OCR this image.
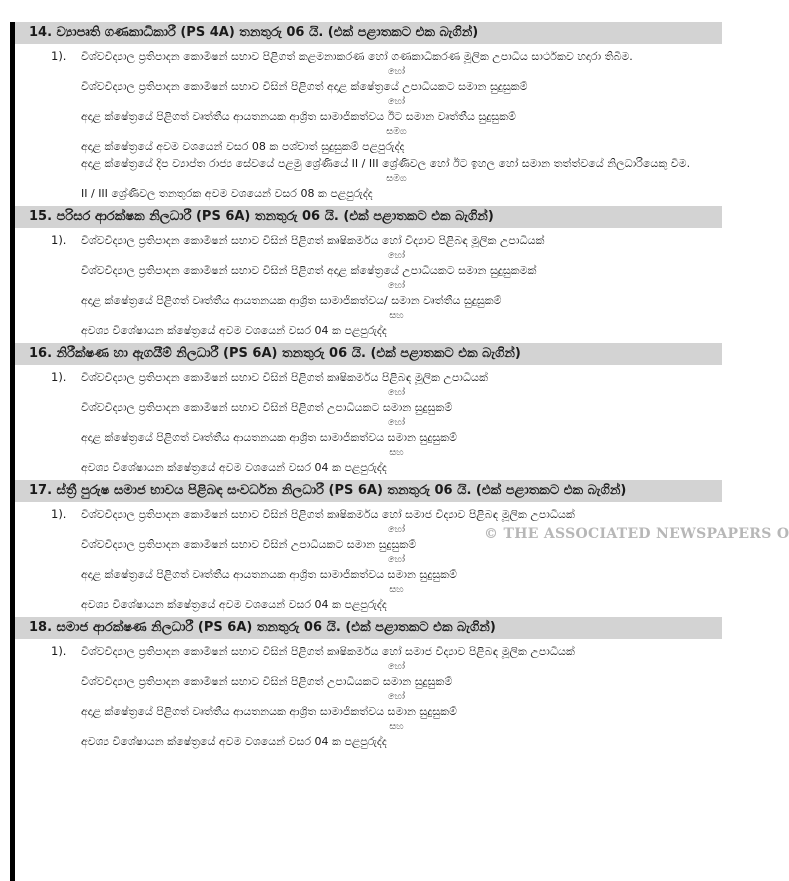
14. ව්‍යාපෘති ගණකාධිකාරී (PS 4A) තනතුරු 06 යි. (එක් පළාතකට එක බැගින්)
1). විශ්වවිද්‍යාල ප්‍රතිපාදන කොමිෂන් සභාව පිළිගත් කළමනාකරණ හෝ ගණකාධිකරණ මූලික උපාධිය සාර්ථකව හදාරා තිබීම.
හෝ
විශ්වවිද්‍යාල ප්‍රතිපාදන කොමිෂන් සභාව විසින් පිළිගත් අදාළ ක්ෂේත්‍රයේ උපාධියකට සමාන සුදුසුකම්
හෝ
අදාළ ක්ෂේත්‍රයේ පිළිගත් වෘත්තීය ආයතනයක ආශ්‍රිත සාමාජිකත්වය ඊට සමාන වෘත්තීය සුදුසුකම්
සමග
අදාළ ක්ෂේත්‍රයේ අවම වශයෙන් වසර 08 ක පශ්චාත් සුදුසුකම් පළපුරුද්ද
අදාළ ක්ෂේත්‍රයේ දිප ව්‍යාප්ත රාජ්‍ය සේවයේ පළමු ශ්‍රේණියේ II / III ශ්‍රේණිවල හෝ ඊට ඉහල හෝ සමාන තත්ත්වයේ නිලධාරියෙකු වීම.
සමග
II / III ශ්‍රේණිවල තනතුරක අවම වශයෙන් වසර 08 ක පළපුරුද්ද
15. පරිසර ආරක්ෂක නිලධාරී (PS 6A) තනතුරු 06 යි. (එක් පළාතකට එක බැගින්)
1). විශ්වවිද්‍යාල ප්‍රතිපාදන කොමිෂන් සභාව විසින් පිළිගත් කෘෂිකර්මය හෝ විද්‍යාව පිළිබඳ මූලික උපාධියක්
හෝ
විශ්වවිද්‍යාල ප්‍රතිපාදන කොමිෂන් සභාව විසින් පිළිගත් අදාළ ක්ෂේත්‍රයේ උපාධියකට සමාන සුදුසුකමක්
හෝ
අදාළ ක්ෂේත්‍රයේ පිළිගත් වෘත්තීය ආයතනයක ආශ්‍රිත සාමාජිකත්වය/ සමාන වෘත්තීය සුදුසුකම්
සහ
අවශ්‍ය විශේෂායන ක්ෂේත්‍රයේ අවම වශයෙන් වසර 04 ක පළපුරුද්ද
16. නිරීක්ෂණ හා ඇගයීම් නිලධාරී (PS 6A) තනතුරු 06 යි. (එක් පළාතකට එක බැගින්)
1). විශ්වවිද්‍යාල ප්‍රතිපාදන කොමිෂන් සභාව විසින් පිළිගත් කෘෂිකර්මය පිළිබඳ මූලික උපාධියක්
හෝ
විශ්වවිද්‍යාල ප්‍රතිපාදන කොමිෂන් සභාව විසින් පිළිගත් උපාධියකට සමාන සුදුසුකම්
හෝ
අදාළ ක්ෂේත්‍රයේ පිළිගත් වෘත්තීය ආයතනයක ආශ්‍රිත සාමාජිකත්වය සමාන සුදුසුකම්
සහ
අවශ්‍ය විශේෂායන ක්ෂේත්‍රයේ අවම වශයෙන් වසර 04 ක පළපුරුද්ද
17. ස්ත්‍රී පුරුෂ සමාජ භාවය පිළිබඳ සංවර්ධන නිලධාරී (PS 6A) තනතුරු 06 යි. (එක් පළාතකට එක බැගින්)
1). විශ්වවිද්‍යාල ප්‍රතිපාදන කොමිෂන් සභාව විසින් පිළිගත් කෘෂිකර්මය හෝ සමාජ විද්‍යාව පිළිබඳ මූලික උපාධියක්
හෝ
විශ්වවිද්‍යාල ප්‍රතිපාදන කොමිෂන් සභාව විසින් උපාධියකට සමාන සුදුසුකම්
හෝ
අදාළ ක්ෂේත්‍රයේ පිළිගත් වෘත්තීය ආයතනයක ආශ්‍රිත සාමාජිකත්වය සමාන සුදුසුකම්
සහ
අවශ්‍ය විශේෂායන ක්ෂේත්‍රයේ අවම වශයෙන් වසර 04 ක පළපුරුද්ද
18. සමාජ ආරක්ෂණ නිලධාරී (PS 6A) තනතුරු 06 යි. (එක් පළාතකට එක බැගින්)
1). විශ්වවිද්‍යාල ප්‍රතිපාදන කොමිෂන් සභාව විසින් පිළිගත් කෘෂිකර්මය හෝ සමාජ විද්‍යාව පිළිබඳ මූලික උපාධියක්
හෝ
විශ්වවිද්‍යාල ප්‍රතිපාදන කොමිෂන් සභාව විසින් පිළිගත් උපාධියකට සමාන සුදුසුකම්
හෝ
අදාළ ක්ෂේත්‍රයේ පිළිගත් වෘත්තීය ආයතනයක ආශ්‍රිත සාමාජිකත්වය සමාන සුදුසුකම්
සහ
අවශ්‍ය විශේෂායන ක්ෂේත්‍රයේ අවම වශයෙන් වසර 04 ක පළපුරුද්ද
© THE ASSOCIATED NEWSPAPERS O
